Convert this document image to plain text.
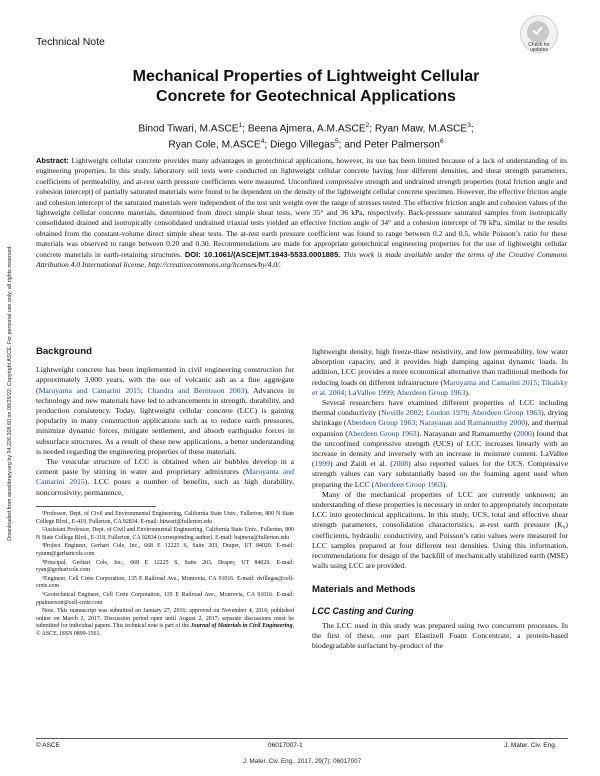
Downloaded from ascelibrary.org by 34.226.208.60 on 08/25/22. Copyright ASCE. For personal use only; all rights reserved.
Technical Note	Check for
updates
Mechanical Properties of Lightweight Cellular
Concrete for Geotechnical Applications
Binod Tiwari, M.ASCE$^1$; Beena Ajmera, A.M.ASCE$^2$; Ryan Maw, M.ASCE$^3$;
Ryan Cole, M.ASCE$^4$; Diego Villegas$^5$; and Peter Palmerson$^6$
Abstract: Lightweight cellular concrete provides many advantages in geotechnical applications, however, its use has been limited because of a lack of understanding of its engineering properties. In this study, laboratory soil tests were conducted on lightweight cellular concrete having four different densities, and shear strength parameters, coefficients of permeability, and at-rest earth pressure coefficients were measured. Unconfined compressive strength and undrained strength properties (total friction angle and cohesion intercept) of partially saturated materials were found to be dependent on the density of the lightweight cellular concrete specimen. However, the effective friction angle and cohesion intercept of the saturated materials were independent of the test unit weight over the range of stresses tested. The effective friction angle and cohesion values of the lightweight cellular concrete materials, determined from direct simple shear tests, were 35° and 36 kPa, respectively. Back-pressure saturated samples from isotropically consolidated drained and isotropically consolidated undrained triaxial tests yielded an effective friction angle of 34° and a cohesion intercept of 78 kPa, similar to the results obtained from the constant-volume direct simple shear tests. The at-rest earth pressure coefficient was found to range between 0.2 and 0.5, while Poisson’s ratio for these materials was observed to range between 0.20 and 0.30. Recommendations are made for appropriate geotechnical engineering properties for the use of lightweight cellular concrete materials in earth-retaining structures. DOI: 10.1061/(ASCE)MT.1943-5533.0001885. This work is made available under the terms of the Creative Commons Attribution 4.0 International license, http://creativecommons.org/licenses/by/4.0/.
Background

Lightweight concrete has been implemented in civil engineering construction for approximately 3,000 years, with the use of volcanic ash as a fine aggregate (Maruyama and Camarini 2015; Chandra and Berntsson 2003). Advances in technology and new materials have led to advancements in strength, durability, and production consistency. Today, lightweight cellular concrete (LCC) is gaining popularity in many construction applications such as to reduce earth pressures, minimize dynamic forces, mitigate settlement, and absorb earthquake forces in subsurface structures. As a result of these new applications, a better understanding is needed regarding the engineering properties of these materials.

The vesicular structure of LCC is obtained when air bubbles develop in a cement paste by stirring in water and proprietary admixtures (Maruyama and Camarini 2015). LCC poses a number of benefits, such as high durability, noncorrosivity, permanence,

¹Professor, Dept. of Civil and Environmental Engineering, California State Univ., Fullerton, 800 N State College Blvd., E-419, Fullerton, CA 92834. E-mail: btiwari@fullerton.edu

²Assistant Professor, Dept. of Civil and Environmental Engineering, California State Univ., Fullerton, 800 N State College Blvd., E-318, Fullerton, CA 92834 (corresponding author). E-mail: bajmera@fullerton.edu

³Project Engineer, Gerhart Cole, Inc., 668 E 12225 S, Suite 203, Draper, UT 84020. E-mail: ryanm@gerhartcole.com

⁴Principal, Gerhart Cole, Inc., 668 E 12225 S, Suite 203, Draper, UT 84020. E-mail: ryan@gerhartcole.com

⁵Engineer, Cell Crete Corporation, 135 E Railroad Ave., Monrovia, CA 91016. E-mail: dvillegas@cell-crete.com

⁶Geotechnical Engineer, Cell Crete Corporation, 135 E Railroad Ave., Monrovia, CA 91016. E-mail: ppalmerson@cell-crete.com

Note. This manuscript was submitted on January 27, 2016; approved on November 4, 2016; published online on March 2, 2017. Discussion period open until August 2, 2017; separate discussions must be submitted for individual papers. This technical note is part of the Journal of Materials in Civil Engineering, © ASCE, ISSN 0899-1561.

lightweight density, high freeze-thaw resistivity, and low permeability, low water absorption capacity, and it provides high damping against dynamic loads. In addition, LCC provides a more economical alternative than traditional methods for reducing loads on different infrastructure (Maruyama and Camarini 2015; Tikalsky et al. 2004; LaVallee 1999; Aberdeen Group 1963).

Several researchers have examined different properties of LCC including thermal conductivity (Neville 2002; Loudon 1979; Aberdeen Group 1963), drying shrinkage (Aberdeen Group 1963; Narayanan and Ramamurthy 2000), and thermal expansion (Aberdeen Group 1963). Narayanan and Ramamurthy (2000) found that the unconfined compressive strength (UCS) of LCC increases linearly with an increase in density and inversely with an increase in moisture content. LaVallee (1999) and Zaidi et al. (2008) also reported values for the UCS. Compressive strength values can vary substantially based on the foaming agent used when preparing the LCC (Aberdeen Group 1963).

Many of the mechanical properties of LCC are currently unknown; an understanding of these properties is necessary in order to appropriately incorporate LCC into geotechnical applications. In this study, UCS, total and effective shear strength parameters, consolidation characteristics, at-rest earth pressure (K₀) coefficients, hydraulic conductivity, and Poisson’s ratio values were measured for LCC samples prepared at four different test densities. Using this information, recommendations for design of the backfill of mechanically stabilized earth (MSE) walls using LCC are provided.

Materials and Methods
LCC Casting and Curing

The LCC used in this study was prepared using two concurrent processes. In the first of these, one part Elastizell Foam Concentrate, a protein-based biodegradable surfactant by-product of the

© ASCE	06017007-1	J. Mater. Civ. Eng.
J. Mater. Civ. Eng., 2017, 29(7): 06017007
